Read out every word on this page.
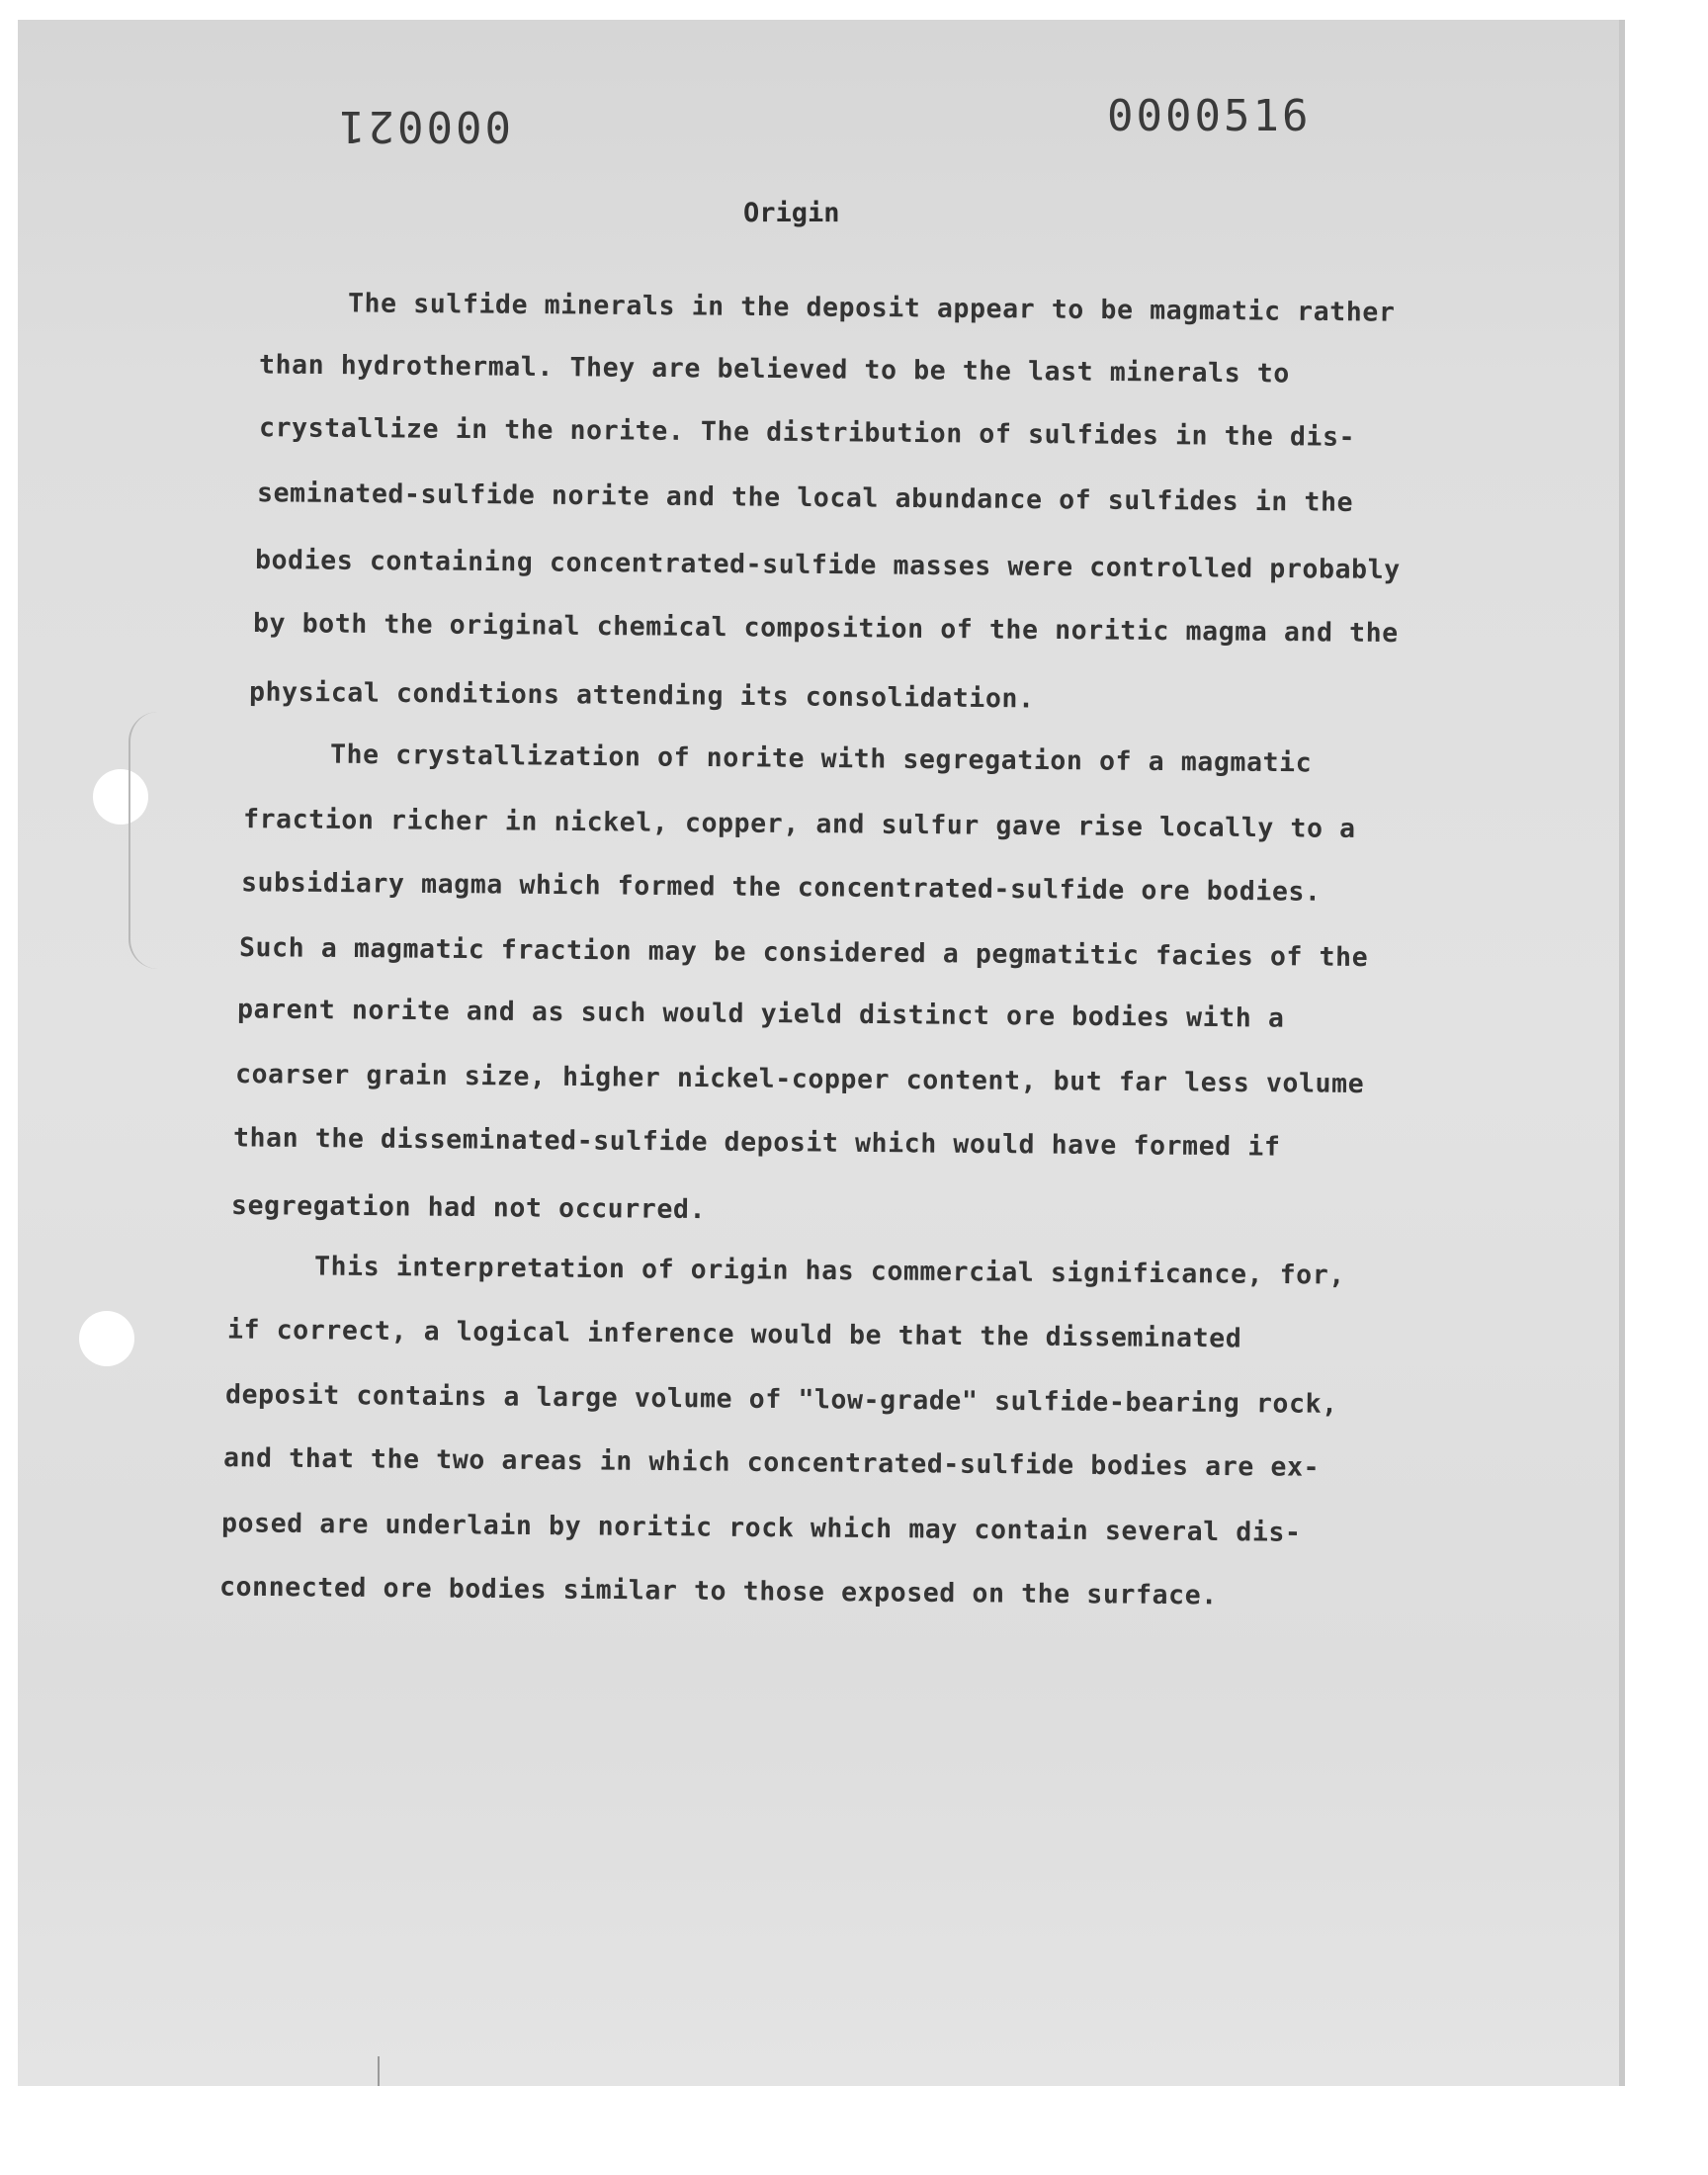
000021	0000516
Origin
The sulfide minerals in the deposit appear to be magmatic rather
than hydrothermal. They are believed to be the last minerals to
crystallize in the norite. The distribution of sulfides in the dis-
seminated-sulfide norite and the local abundance of sulfides in the
bodies containing concentrated-sulfide masses were controlled probably
by both the original chemical composition of the noritic magma and the
physical conditions attending its consolidation.
The crystallization of norite with segregation of a magmatic
fraction richer in nickel, copper, and sulfur gave rise locally to a
subsidiary magma which formed the concentrated-sulfide ore bodies.
Such a magmatic fraction may be considered a pegmatitic facies of the
parent norite and as such would yield distinct ore bodies with a
coarser grain size, higher nickel-copper content, but far less volume
than the disseminated-sulfide deposit which would have formed if
segregation had not occurred.
This interpretation of origin has commercial significance, for,
if correct, a logical inference would be that the disseminated
deposit contains a large volume of "low-grade" sulfide-bearing rock,
and that the two areas in which concentrated-sulfide bodies are ex-
posed are underlain by noritic rock which may contain several dis-
connected ore bodies similar to those exposed on the surface.
